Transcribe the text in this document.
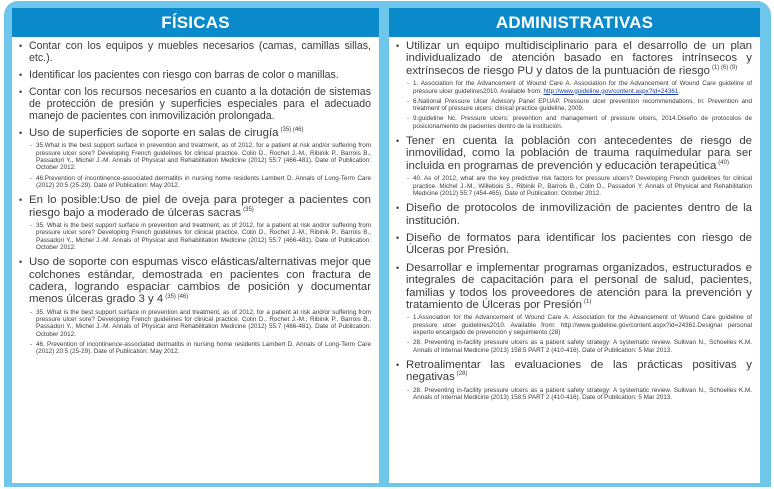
FÍSICAS
• Contar con los equipos y muebles necesarios (camas, camillas sillas, etc.).
• Identificar los pacientes con riesgo con barras de color o manillas.
• Contar con los recursos necesarios en cuanto a la dotación de sistemas de protección de presión y superficies especiales para el adecuado manejo de pacientes con inmovilización prolongada.
• Uso de superficies de soporte en salas de cirugía $^{(35) (46)}$
- 35.What is the best support surface in prevention and treatment, as of 2012, for a patient at risk and/or suffering from pressure ulcer sore? Developing French guidelines for clinical practice. Colin D., Rochet J.-M., Ribinik P., Barrois B., Passadori Y., Michel J.-M. Annals of Physical and Rehabilitation Medicine (2012) 55:7 (466-481). Date of Publication: October 2012.
- 46.Prevention of incontinence-associated dermatitis in nursing home residents Lambert D. Annals of Long-Term Care (2012) 20:5 (25-29). Date of Publication: May 2012.
• En lo posible:Uso de piel de oveja para proteger a pacientes con riesgo bajo a moderado de úlceras sacras $^{(35)}$
- 35. What is the best support surface in prevention and treatment, as of 2012, for a patient at risk and/or suffering from pressure ulcer sore? Developing French guidelines for clinical practice. Colin D., Rochet J.-M., Ribinik P., Barrois B., Passadori Y., Michel J.-M. Annals of Physical and Rehabilitation Medicine (2012) 55:7 (466-481). Date of Publication: October 2012.
• Uso de soporte con espumas visco elásticas/alternativas mejor que colchones estándar, demostrada en pacientes con fractura de cadera, logrando espaciar cambios de posición y documentar menos úlceras grado 3 y 4 $^{(35) (46)}$
- 35. What is the best support surface in prevention and treatment, as of 2012, for a patient at risk and/or suffering from pressure ulcer sore? Developing French guidelines for clinical practice. Colin D., Rochet J.-M., Ribinik P., Barrois B., Passadori Y., Michel J.-M. Annals of Physical and Rehabilitation Medicine (2012) 55:7 (466-481). Date of Publication: October 2012.
- 46. Prevention of incontinence-associated dermatitis in nursing home residents Lambert D. Annals of Long-Term Care (2012) 20:5 (25-29). Date of Publication: May 2012.
ADMINISTRATIVAS
• Utilizar un equipo multidisciplinario para el desarrollo de un plan individualizado de atención basado en factores intrínsecos y extrínsecos de riesgo PU y datos de la puntuación de riesgo $^{(1) (6) (9)}$
- 1. Association for the Advancement of Wound Care A. Association for the Advancement of Wound Care guideline of pressure ulcer guidelines2010. Available from: http://www.guideline.gov/content.aspx?id=24361.
- 6.National Pressure Ulcer Advisory Panel EPUAP. Pressure ulcer prevention recommendations. In: Prevention and treatment of pressure ulcers: clinical practice guideline, 2009.
- 9.guideline Nc. Pressure ulcers: prevention and management of pressure ulcers, 2014.Diseño de protocolos de posicionamiento de pacientes dentro de la institución.
• Tener en cuenta la población con antecedentes de riesgo de inmovilidad, como la población de trauma raquimedular para ser incluida en programas de prevención y educación terapeútica $^{(40)}$
- 40. As of 2012, what are the key predictive risk factors for pressure ulcers? Developing French guidelines for clinical practice. Michel J.-M., Willebois S., Ribinik P., Barrois B., Colin D., Passadori Y. Annals of Physical and Rehabilitation Medicine (2012) 55:7 (454-465). Date of Publication: October 2012.
• Diseño de protocolos de inmovilización de pacientes dentro de la institución.
• Diseño de formatos para identificar los pacientes con riesgo de Úlceras por Presión.
• Desarrollar e implementar programas organizados, estructurados e integrales de capacitación para el personal de salud, pacientes, familias y todos los proveedores de atención para la prevención y tratamiento de Úlceras por Presión $^{(1)}$
- 1.Association for the Advancement of Wound Care A. Association for the Advancement of Wound Care guideline of pressure ulcer guidelines2010. Available from: http://www.guideline.gov/content.aspx?id=24361.Designar personal experto encargado de prevención y seguimiento (28)
- 28. Preventing in-facility pressure ulcers as a patient safety strategy: A systematic review. Sullivan N., Schoelles K.M. Annals of Internal Medicine (2013) 158:5 PART 2 (410-416). Date of Publication: 5 Mar 2013.
• Retroalimentar las evaluaciones de las prácticas positivas y negativas $^{(28)}$
- 28. Preventing in-facility pressure ulcers as a patient safety strategy: A systematic review. Sullivan N., Schoelles K.M. Annals of Internal Medicine (2013) 158:5 PART 2 (410-416). Date of Publication: 5 Mar 2013.
